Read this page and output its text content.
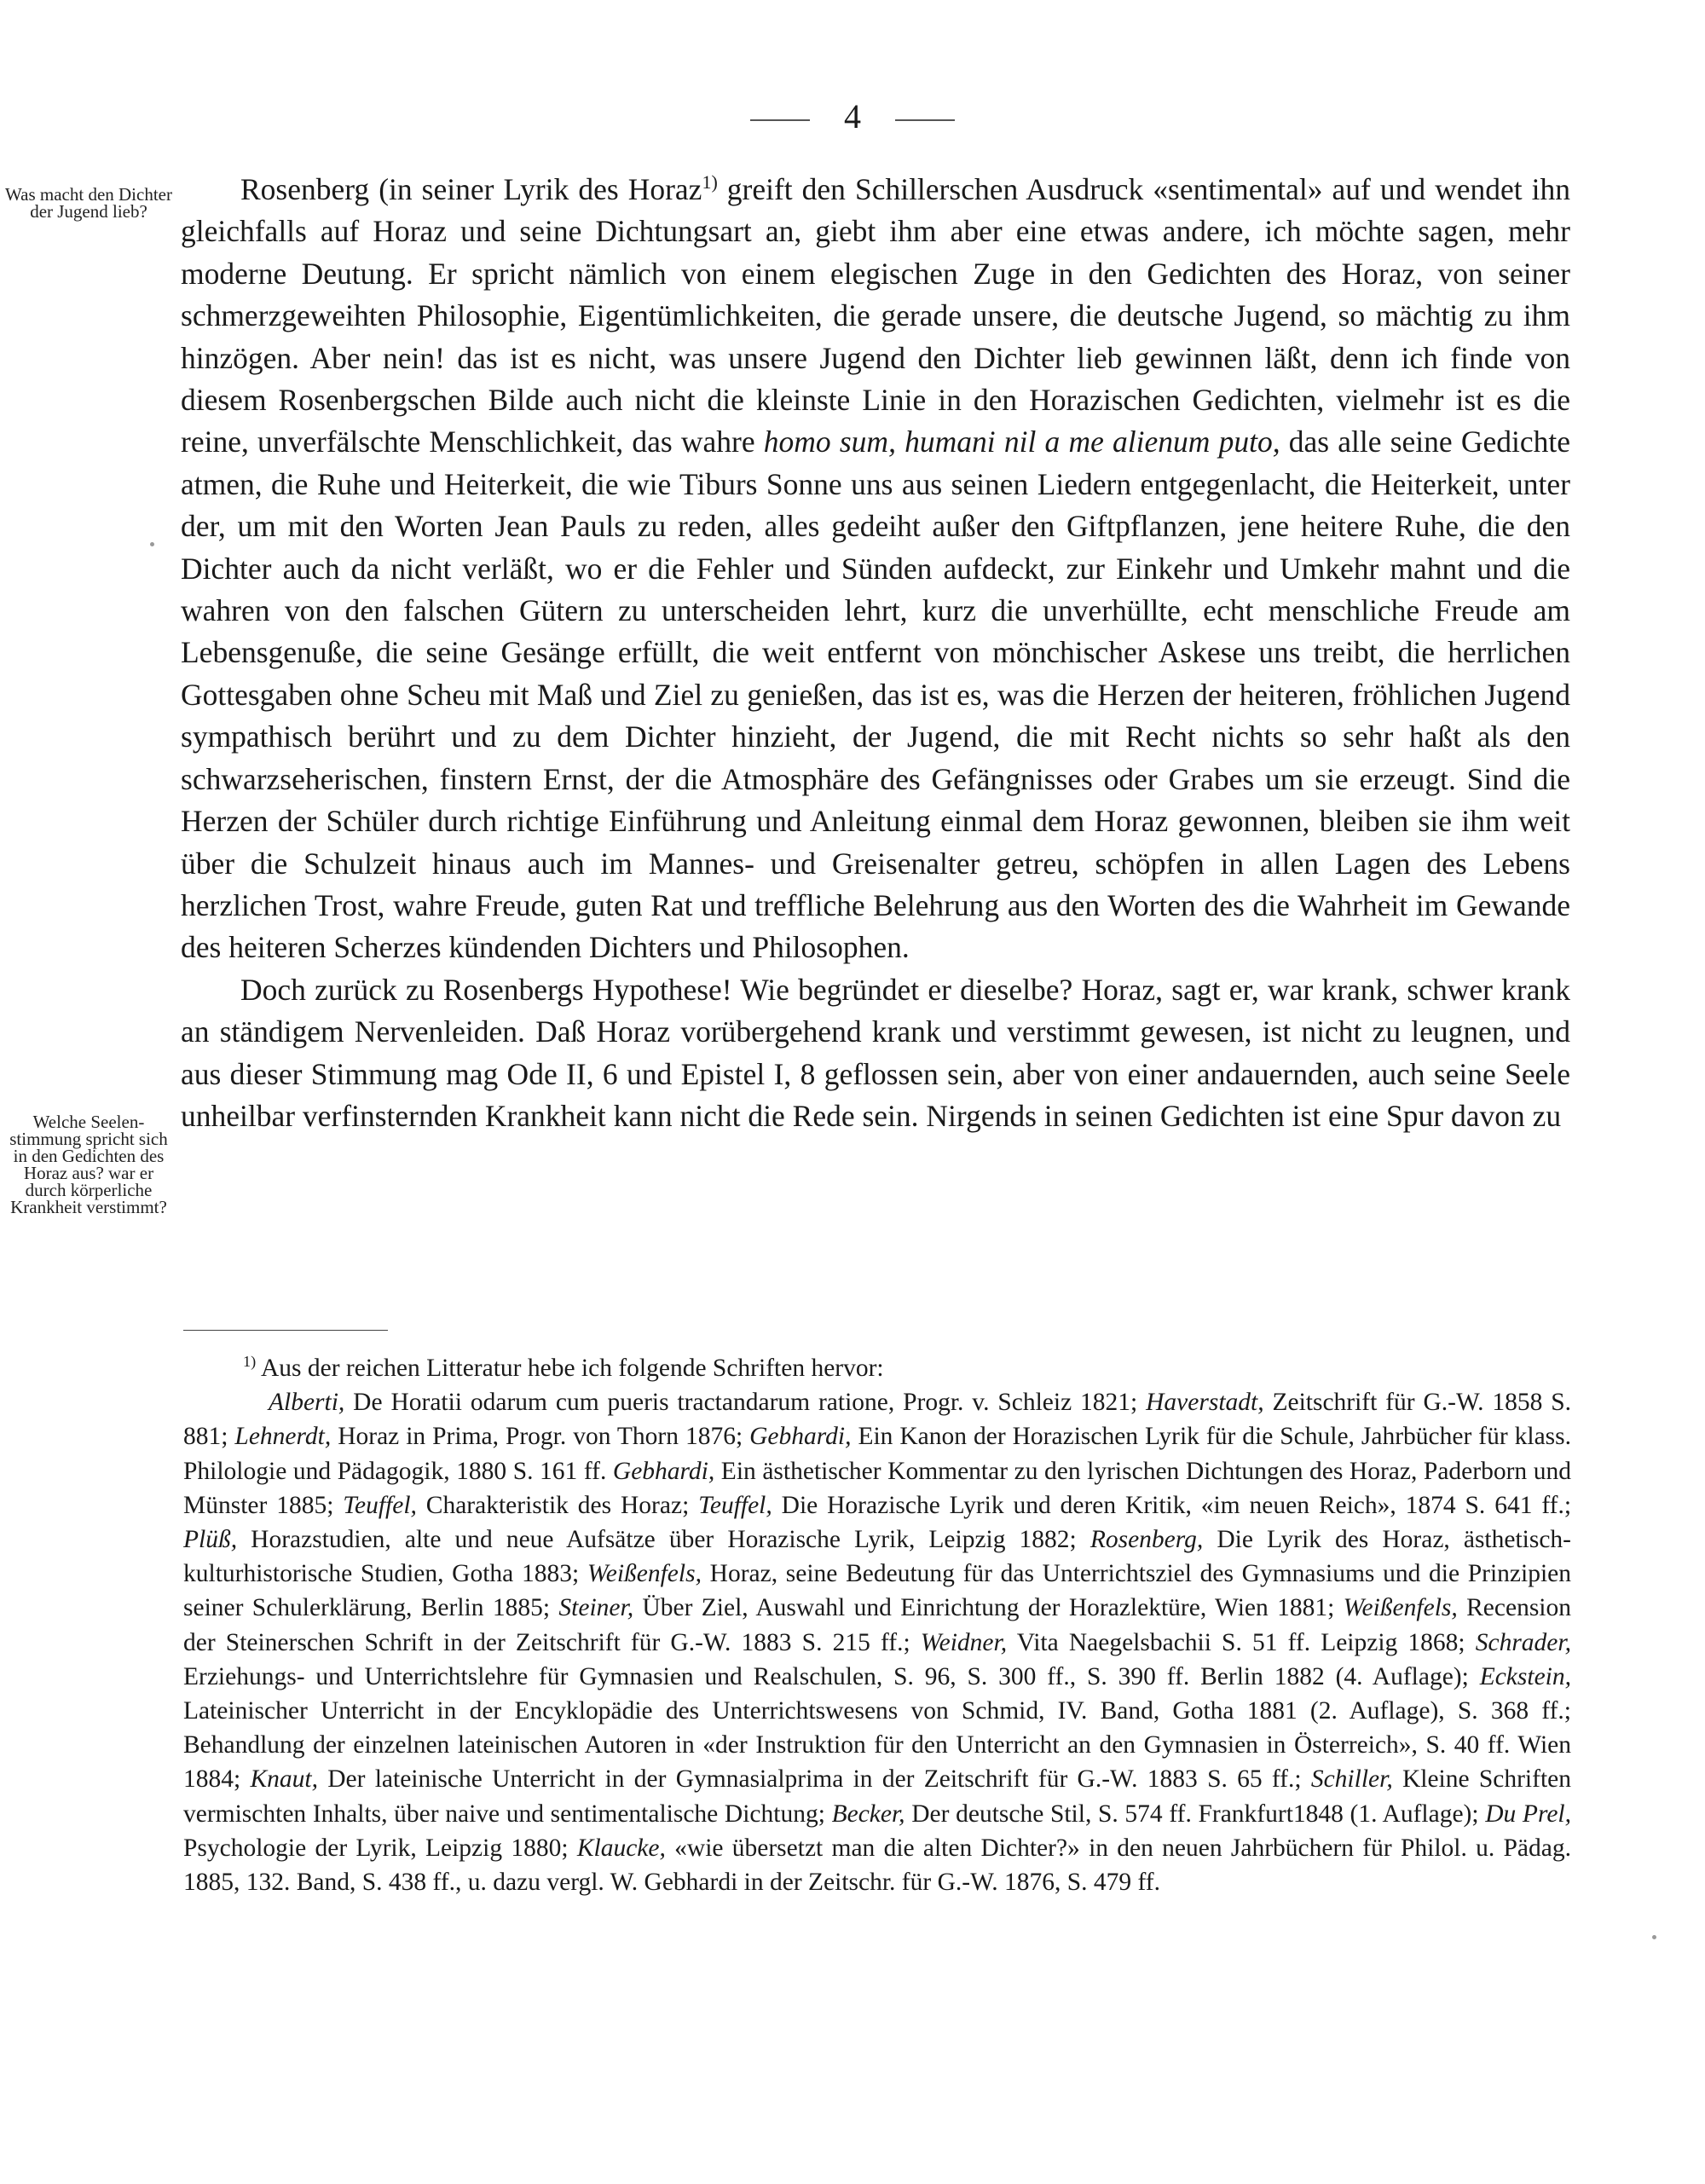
4
Was macht den Dichter der Jugend lieb?
Welche Seelenstimmung spricht sich in den Gedichten des Horaz aus? war er durch körperliche Krankheit verstimmt?

Rosenberg (in seiner Lyrik des Horaz$^{1)}$ greift den Schillerschen Ausdruck «sentimental» auf und wendet ihn gleichfalls auf Horaz und seine Dichtungsart an, giebt ihm aber eine etwas andere, ich möchte sagen, mehr moderne Deutung. Er spricht nämlich von einem elegischen Zuge in den Gedichten des Horaz, von seiner schmerzgeweihten Philosophie, Eigentümlichkeiten, die gerade unsere, die deutsche Jugend, so mächtig zu ihm hinzögen. Aber nein! das ist es nicht, was unsere Jugend den Dichter lieb gewinnen läßt, denn ich finde von diesem Rosenbergschen Bilde auch nicht die kleinste Linie in den Horazischen Gedichten, vielmehr ist es die reine, unverfälschte Menschlichkeit, das wahre homo sum, humani nil a me alienum puto, das alle seine Gedichte atmen, die Ruhe und Heiterkeit, die wie Tiburs Sonne uns aus seinen Liedern entgegenlacht, die Heiterkeit, unter der, um mit den Worten Jean Pauls zu reden, alles gedeiht außer den Giftpflanzen, jene heitere Ruhe, die den Dichter auch da nicht verläßt, wo er die Fehler und Sünden aufdeckt, zur Einkehr und Umkehr mahnt und die wahren von den falschen Gütern zu unterscheiden lehrt, kurz die unverhüllte, echt menschliche Freude am Lebensgenuße, die seine Gesänge erfüllt, die weit entfernt von mönchischer Askese uns treibt, die herrlichen Gottesgaben ohne Scheu mit Maß und Ziel zu genießen, das ist es, was die Herzen der heiteren, fröhlichen Jugend sympathisch berührt und zu dem Dichter hinzieht, der Jugend, die mit Recht nichts so sehr haßt als den schwarzseherischen, finstern Ernst, der die Atmosphäre des Gefängnisses oder Grabes um sie erzeugt. Sind die Herzen der Schüler durch richtige Einführung und Anleitung einmal dem Horaz gewonnen, bleiben sie ihm weit über die Schulzeit hinaus auch im Mannes- und Greisenalter getreu, schöpfen in allen Lagen des Lebens herzlichen Trost, wahre Freude, guten Rat und treffliche Belehrung aus den Worten des die Wahrheit im Gewande des heiteren Scherzes kündenden Dichters und Philosophen.

Doch zurück zu Rosenbergs Hypothese! Wie begründet er dieselbe? Horaz, sagt er, war krank, schwer krank an ständigem Nervenleiden. Daß Horaz vorübergehend krank und verstimmt gewesen, ist nicht zu leugnen, und aus dieser Stimmung mag Ode II, 6 und Epistel I, 8 geflossen sein, aber von einer andauernden, auch seine Seele unheilbar verfinsternden Krankheit kann nicht die Rede sein. Nirgends in seinen Gedichten ist eine Spur davon zu

$^{1)}$ Aus der reichen Litteratur hebe ich folgende Schriften hervor:

Alberti, De Horatii odarum cum pueris tractandarum ratione, Progr. v. Schleiz 1821; Haverstadt, Zeitschrift für G.-W. 1858 S. 881; Lehnerdt, Horaz in Prima, Progr. von Thorn 1876; Gebhardi, Ein Kanon der Horazischen Lyrik für die Schule, Jahrbücher für klass. Philologie und Pädagogik, 1880 S. 161 ff. Gebhardi, Ein ästhetischer Kommentar zu den lyrischen Dichtungen des Horaz, Paderborn und Münster 1885; Teuffel, Charakteristik des Horaz; Teuffel, Die Horazische Lyrik und deren Kritik, «im neuen Reich», 1874 S. 641 ff.; Plüß, Horazstudien, alte und neue Aufsätze über Horazische Lyrik, Leipzig 1882; Rosenberg, Die Lyrik des Horaz, ästhetisch-kulturhistorische Studien, Gotha 1883; Weißenfels, Horaz, seine Bedeutung für das Unterrichtsziel des Gymnasiums und die Prinzipien seiner Schulerklärung, Berlin 1885; Steiner, Über Ziel, Auswahl und Einrichtung der Horazlektüre, Wien 1881; Weißenfels, Recension der Steinerschen Schrift in der Zeitschrift für G.-W. 1883 S. 215 ff.; Weidner, Vita Naegelsbachii S. 51 ff. Leipzig 1868; Schrader, Erziehungs- und Unterrichtslehre für Gymnasien und Realschulen, S. 96, S. 300 ff., S. 390 ff. Berlin 1882 (4. Auflage); Eckstein, Lateinischer Unterricht in der Encyklopädie des Unterrichtswesens von Schmid, IV. Band, Gotha 1881 (2. Auflage), S. 368 ff.; Behandlung der einzelnen lateinischen Autoren in «der Instruktion für den Unterricht an den Gymnasien in Österreich», S. 40 ff. Wien 1884; Knaut, Der lateinische Unterricht in der Gymnasialprima in der Zeitschrift für G.-W. 1883 S. 65 ff.; Schiller, Kleine Schriften vermischten Inhalts, über naive und sentimentalische Dichtung; Becker, Der deutsche Stil, S. 574 ff. Frankfurt1848 (1. Auflage); Du Prel, Psychologie der Lyrik, Leipzig 1880; Klaucke, «wie übersetzt man die alten Dichter?» in den neuen Jahrbüchern für Philol. u. Pädag. 1885, 132. Band, S. 438 ff., u. dazu vergl. W. Gebhardi in der Zeitschr. für G.-W. 1876, S. 479 ff.
